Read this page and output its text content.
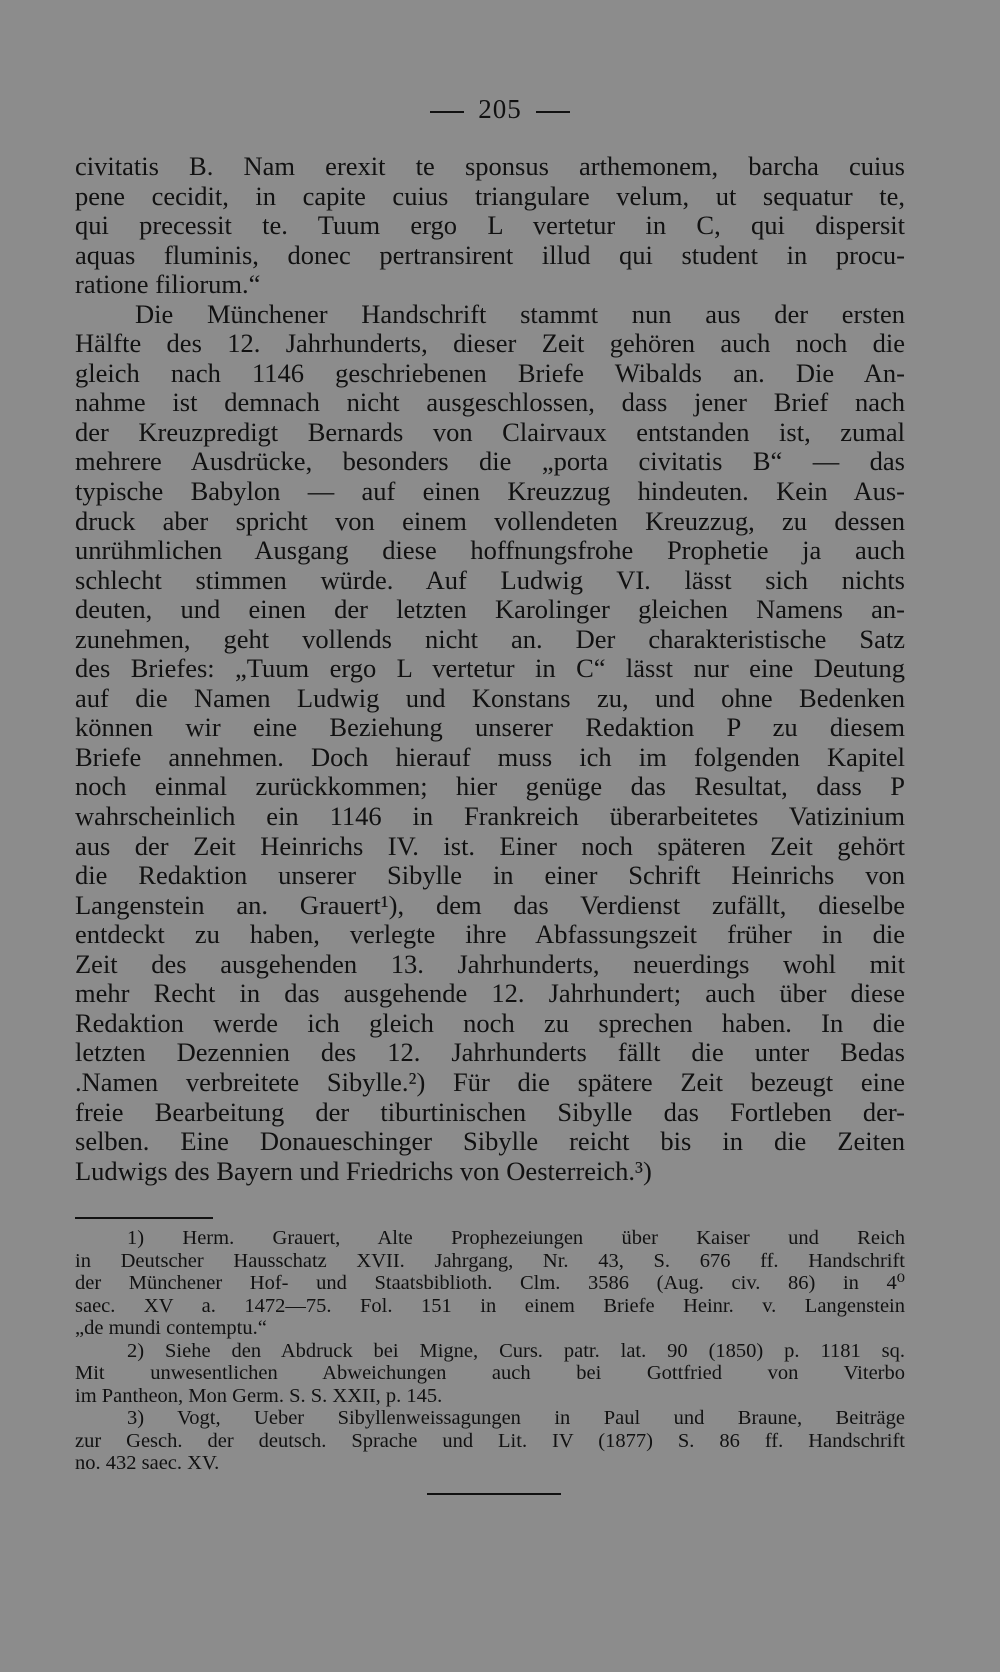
205
civitatis B. Nam erexit te sponsus arthemonem, barcha cuius
pene cecidit, in capite cuius triangulare velum, ut sequatur te,
qui precessit te. Tuum ergo L vertetur in C, qui dispersit
aquas fluminis, donec pertransirent illud qui student in procu-
ratione filiorum.“
Die Münchener Handschrift stammt nun aus der ersten
Hälfte des 12. Jahrhunderts, dieser Zeit gehören auch noch die
gleich nach 1146 geschriebenen Briefe Wibalds an. Die An-
nahme ist demnach nicht ausgeschlossen, dass jener Brief nach
der Kreuzpredigt Bernards von Clairvaux entstanden ist, zumal
mehrere Ausdrücke, besonders die „porta civitatis B“ — das
typische Babylon — auf einen Kreuzzug hindeuten. Kein Aus-
druck aber spricht von einem vollendeten Kreuzzug, zu dessen
unrühmlichen Ausgang diese hoffnungsfrohe Prophetie ja auch
schlecht stimmen würde. Auf Ludwig VI. lässt sich nichts
deuten, und einen der letzten Karolinger gleichen Namens an-
zunehmen, geht vollends nicht an. Der charakteristische Satz
des Briefes: „Tuum ergo L vertetur in C“ lässt nur eine Deutung
auf die Namen Ludwig und Konstans zu, und ohne Bedenken
können wir eine Beziehung unserer Redaktion P zu diesem
Briefe annehmen. Doch hierauf muss ich im folgenden Kapitel
noch einmal zurückkommen; hier genüge das Resultat, dass P
wahrscheinlich ein 1146 in Frankreich überarbeitetes Vatizinium
aus der Zeit Heinrichs IV. ist. Einer noch späteren Zeit gehört
die Redaktion unserer Sibylle in einer Schrift Heinrichs von
Langenstein an. Grauert¹), dem das Verdienst zufällt, dieselbe
entdeckt zu haben, verlegte ihre Abfassungszeit früher in die
Zeit des ausgehenden 13. Jahrhunderts, neuerdings wohl mit
mehr Recht in das ausgehende 12. Jahrhundert; auch über diese
Redaktion werde ich gleich noch zu sprechen haben. In die
letzten Dezennien des 12. Jahrhunderts fällt die unter Bedas
.Namen verbreitete Sibylle.²) Für die spätere Zeit bezeugt eine
freie Bearbeitung der tiburtinischen Sibylle das Fortleben der-
selben. Eine Donaueschinger Sibylle reicht bis in die Zeiten
Ludwigs des Bayern und Friedrichs von Oesterreich.³)
1) Herm. Grauert, Alte Prophezeiungen über Kaiser und Reich
in Deutscher Hausschatz XVII. Jahrgang, Nr. 43, S. 676 ff. Handschrift
der Münchener Hof- und Staatsbiblioth. Clm. 3586 (Aug. civ. 86) in 4⁰
saec. XV a. 1472—75. Fol. 151 in einem Briefe Heinr. v. Langenstein
„de mundi contemptu.“
2) Siehe den Abdruck bei Migne, Curs. patr. lat. 90 (1850) p. 1181 sq.
Mit unwesentlichen Abweichungen auch bei Gottfried von Viterbo
im Pantheon, Mon Germ. S. S. XXII, p. 145.
3) Vogt, Ueber Sibyllenweissagungen in Paul und Braune, Beiträge
zur Gesch. der deutsch. Sprache und Lit. IV (1877) S. 86 ff. Handschrift
no. 432 saec. XV.
